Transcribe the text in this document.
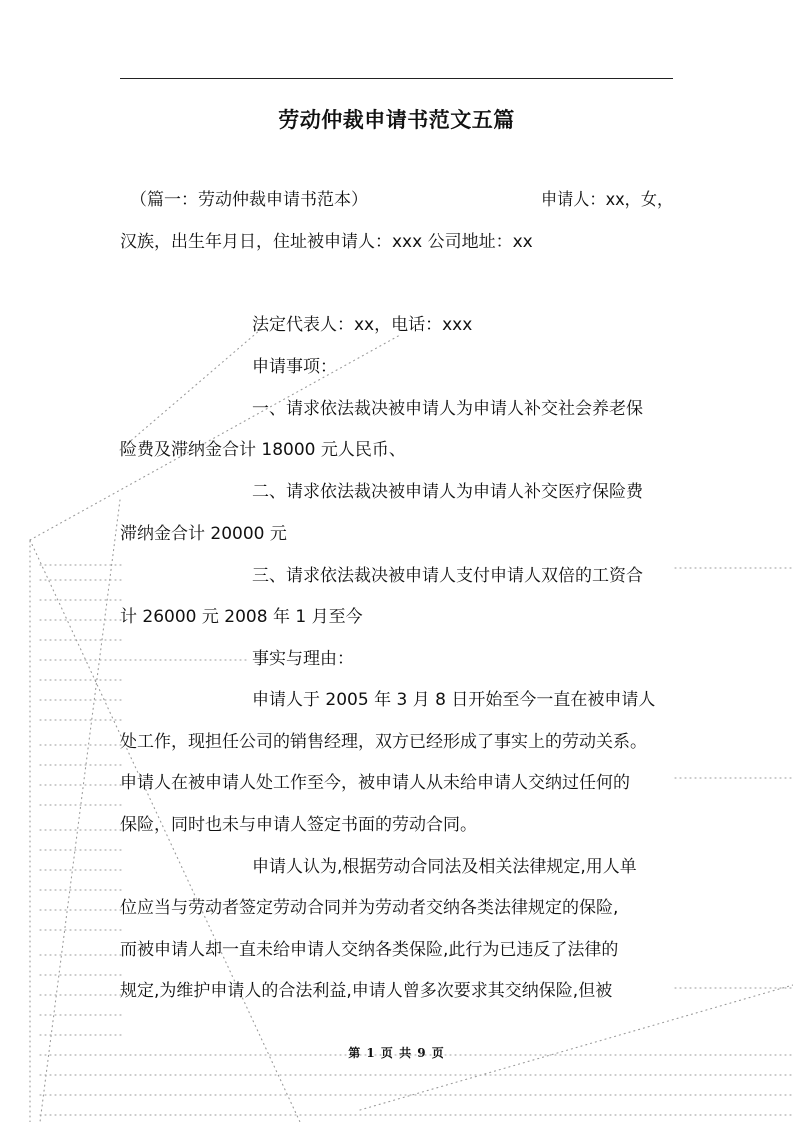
劳动仲裁申请书范文五篇
（篇一：劳动仲裁申请书范本）	申请人：xx，女，
汉族，出生年月日，住址被申请人：xxx 公司地址：xx
法定代表人：xx，电话：xxx
申请事项：
一、请求依法裁决被申请人为申请人补交社会养老保
险费及滞纳金合计 18000 元人民币、
二、请求依法裁决被申请人为申请人补交医疗保险费
滞纳金合计 20000 元
三、请求依法裁决被申请人支付申请人双倍的工资合
计 26000 元 2008 年 1 月至今
事实与理由：
申请人于 2005 年 3 月 8 日开始至今一直在被申请人
处工作，现担任公司的销售经理，双方已经形成了事实上的劳动关系。
申请人在被申请人处工作至今，被申请人从未给申请人交纳过任何的
保险，同时也未与申请人签定书面的劳动合同。
申请人认为,根据劳动合同法及相关法律规定,用人单
位应当与劳动者签定劳动合同并为劳动者交纳各类法律规定的保险,
而被申请人却一直未给申请人交纳各类保险,此行为已违反了法律的
规定,为维护申请人的合法利益,申请人曾多次要求其交纳保险,但被
第 1 页 共 9 页
